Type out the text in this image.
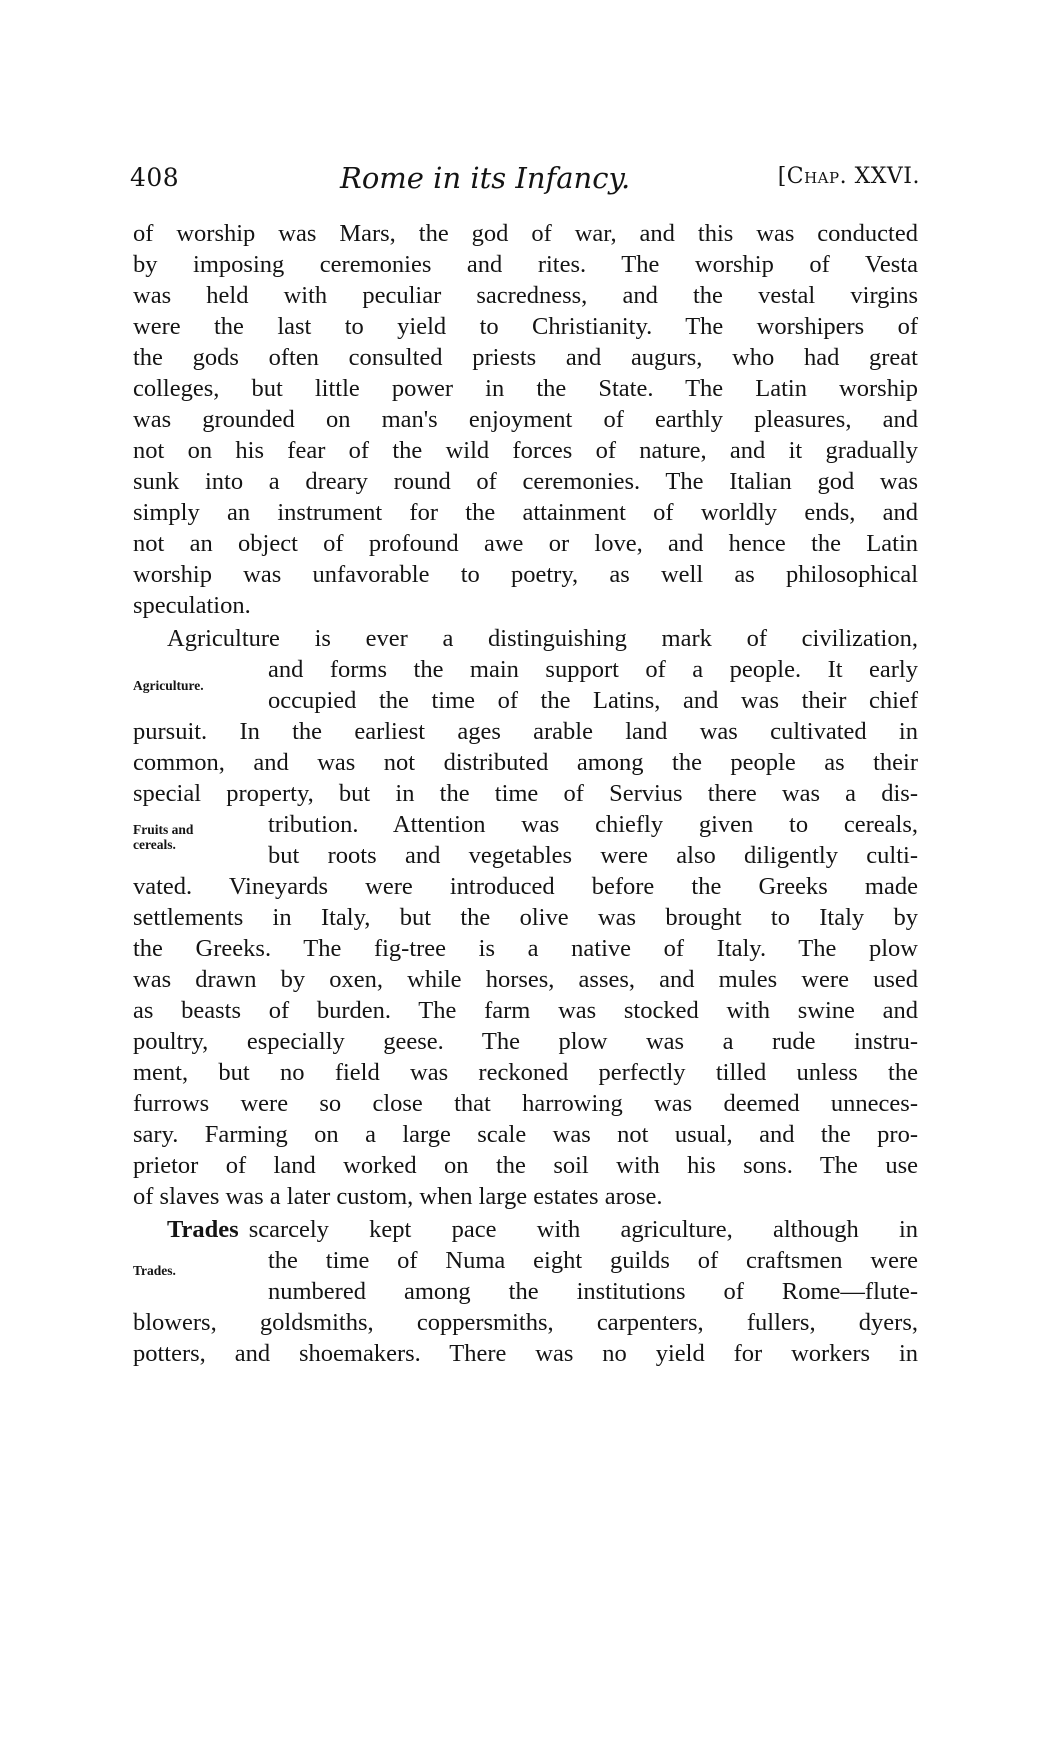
408	Rome in its Infancy.	[Chap. XXVI.
of worship was Mars, the god of war, and this was conducted
by imposing ceremonies and rites. The worship of Vesta
was held with peculiar sacredness, and the vestal virgins
were the last to yield to Christianity. The worshipers of
the gods often consulted priests and augurs, who had great
colleges, but little power in the State. The Latin worship
was grounded on man's enjoyment of earthly pleasures, and
not on his fear of the wild forces of nature, and it gradually
sunk into a dreary round of ceremonies. The Italian god was
simply an instrument for the attainment of worldly ends, and
not an object of profound awe or love, and hence the Latin
worship was unfavorable to poetry, as well as philosophical
speculation.
Agriculture is ever a distinguishing mark of civilization,
Agriculture.
and forms the main support of a people. It early
occupied the time of the Latins, and was their chief
pursuit. In the earliest ages arable land was cultivated in
common, and was not distributed among the people as their
special property, but in the time of Servius there was a dis-
Fruits and
cereals.
tribution. Attention was chiefly given to cereals,
but roots and vegetables were also diligently culti-
vated. Vineyards were introduced before the Greeks made
settlements in Italy, but the olive was brought to Italy by
the Greeks. The fig-tree is a native of Italy. The plow
was drawn by oxen, while horses, asses, and mules were used
as beasts of burden. The farm was stocked with swine and
poultry, especially geese. The plow was a rude instru-
ment, but no field was reckoned perfectly tilled unless the
furrows were so close that harrowing was deemed unneces-
sary. Farming on a large scale was not usual, and the pro-
prietor of land worked on the soil with his sons. The use
of slaves was a later custom, when large estates arose.
Trades scarcely kept pace with agriculture, although in
Trades.	the time of Numa eight guilds of craftsmen were
numbered among the institutions of Rome—flute-
blowers, goldsmiths, coppersmiths, carpenters, fullers, dyers,
potters, and shoemakers. There was no yield for workers in
